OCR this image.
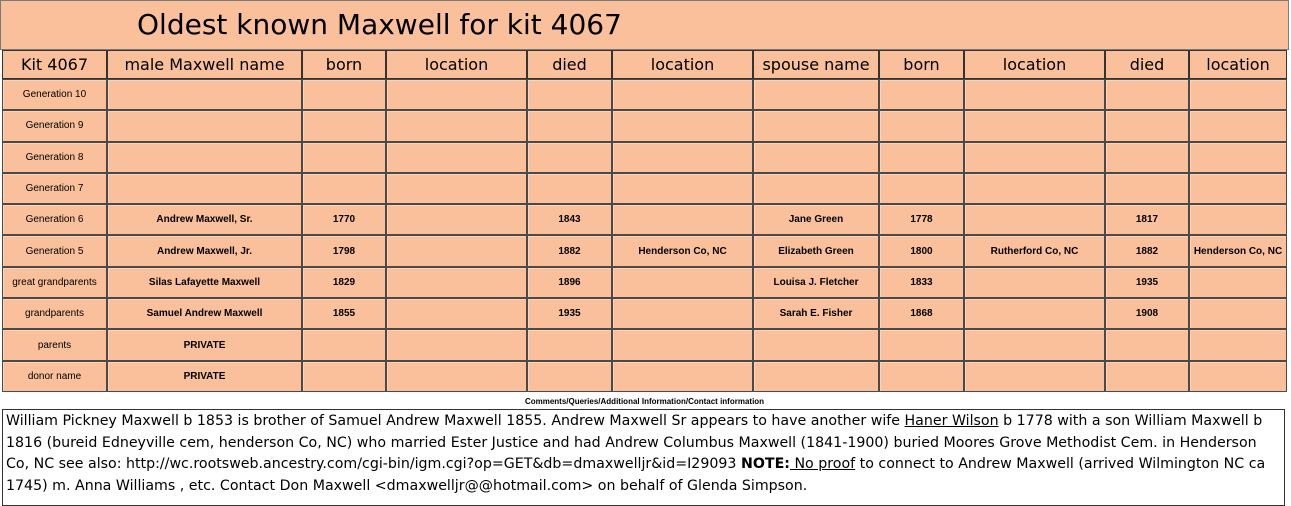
Oldest known Maxwell for kit 4067
Kit 4067	male Maxwell name	born	location	died	location	spouse name	born	location	died	location
Generation 10										
Generation 9										
Generation 8										
Generation 7										
Generation 6	Andrew Maxwell, Sr.	1770		1843		Jane Green	1778		1817	
Generation 5	Andrew Maxwell, Jr.	1798		1882	Henderson Co, NC	Elizabeth Green	1800	Rutherford Co, NC	1882	Henderson Co, NC
great grandparents	Silas Lafayette Maxwell	1829		1896		Louisa J. Fletcher	1833		1935	
grandparents	Samuel Andrew Maxwell	1855		1935		Sarah E. Fisher	1868		1908	
parents	PRIVATE									
donor name	PRIVATE									
Comments/Queries/Additional Information/Contact information
William Pickney Maxwell b 1853 is brother of Samuel Andrew Maxwell 1855. Andrew Maxwell Sr appears to have another wife Haner Wilson b 1778 with a son William Maxwell b 1816 (bureid Edneyville cem, henderson Co, NC) who married Ester Justice and had Andrew Columbus Maxwell (1841-1900) buried Moores Grove Methodist Cem. in Henderson Co, NC see also: http://wc.rootsweb.ancestry.com/cgi-bin/igm.cgi?op=GET&db=dmaxwelljr&id=I29093 NOTE: No proof to connect to Andrew Maxwell (arrived Wilmington NC ca 1745) m. Anna Williams , etc. Contact Don Maxwell <dmaxwelljr@@hotmail.com> on behalf of Glenda Simpson.
